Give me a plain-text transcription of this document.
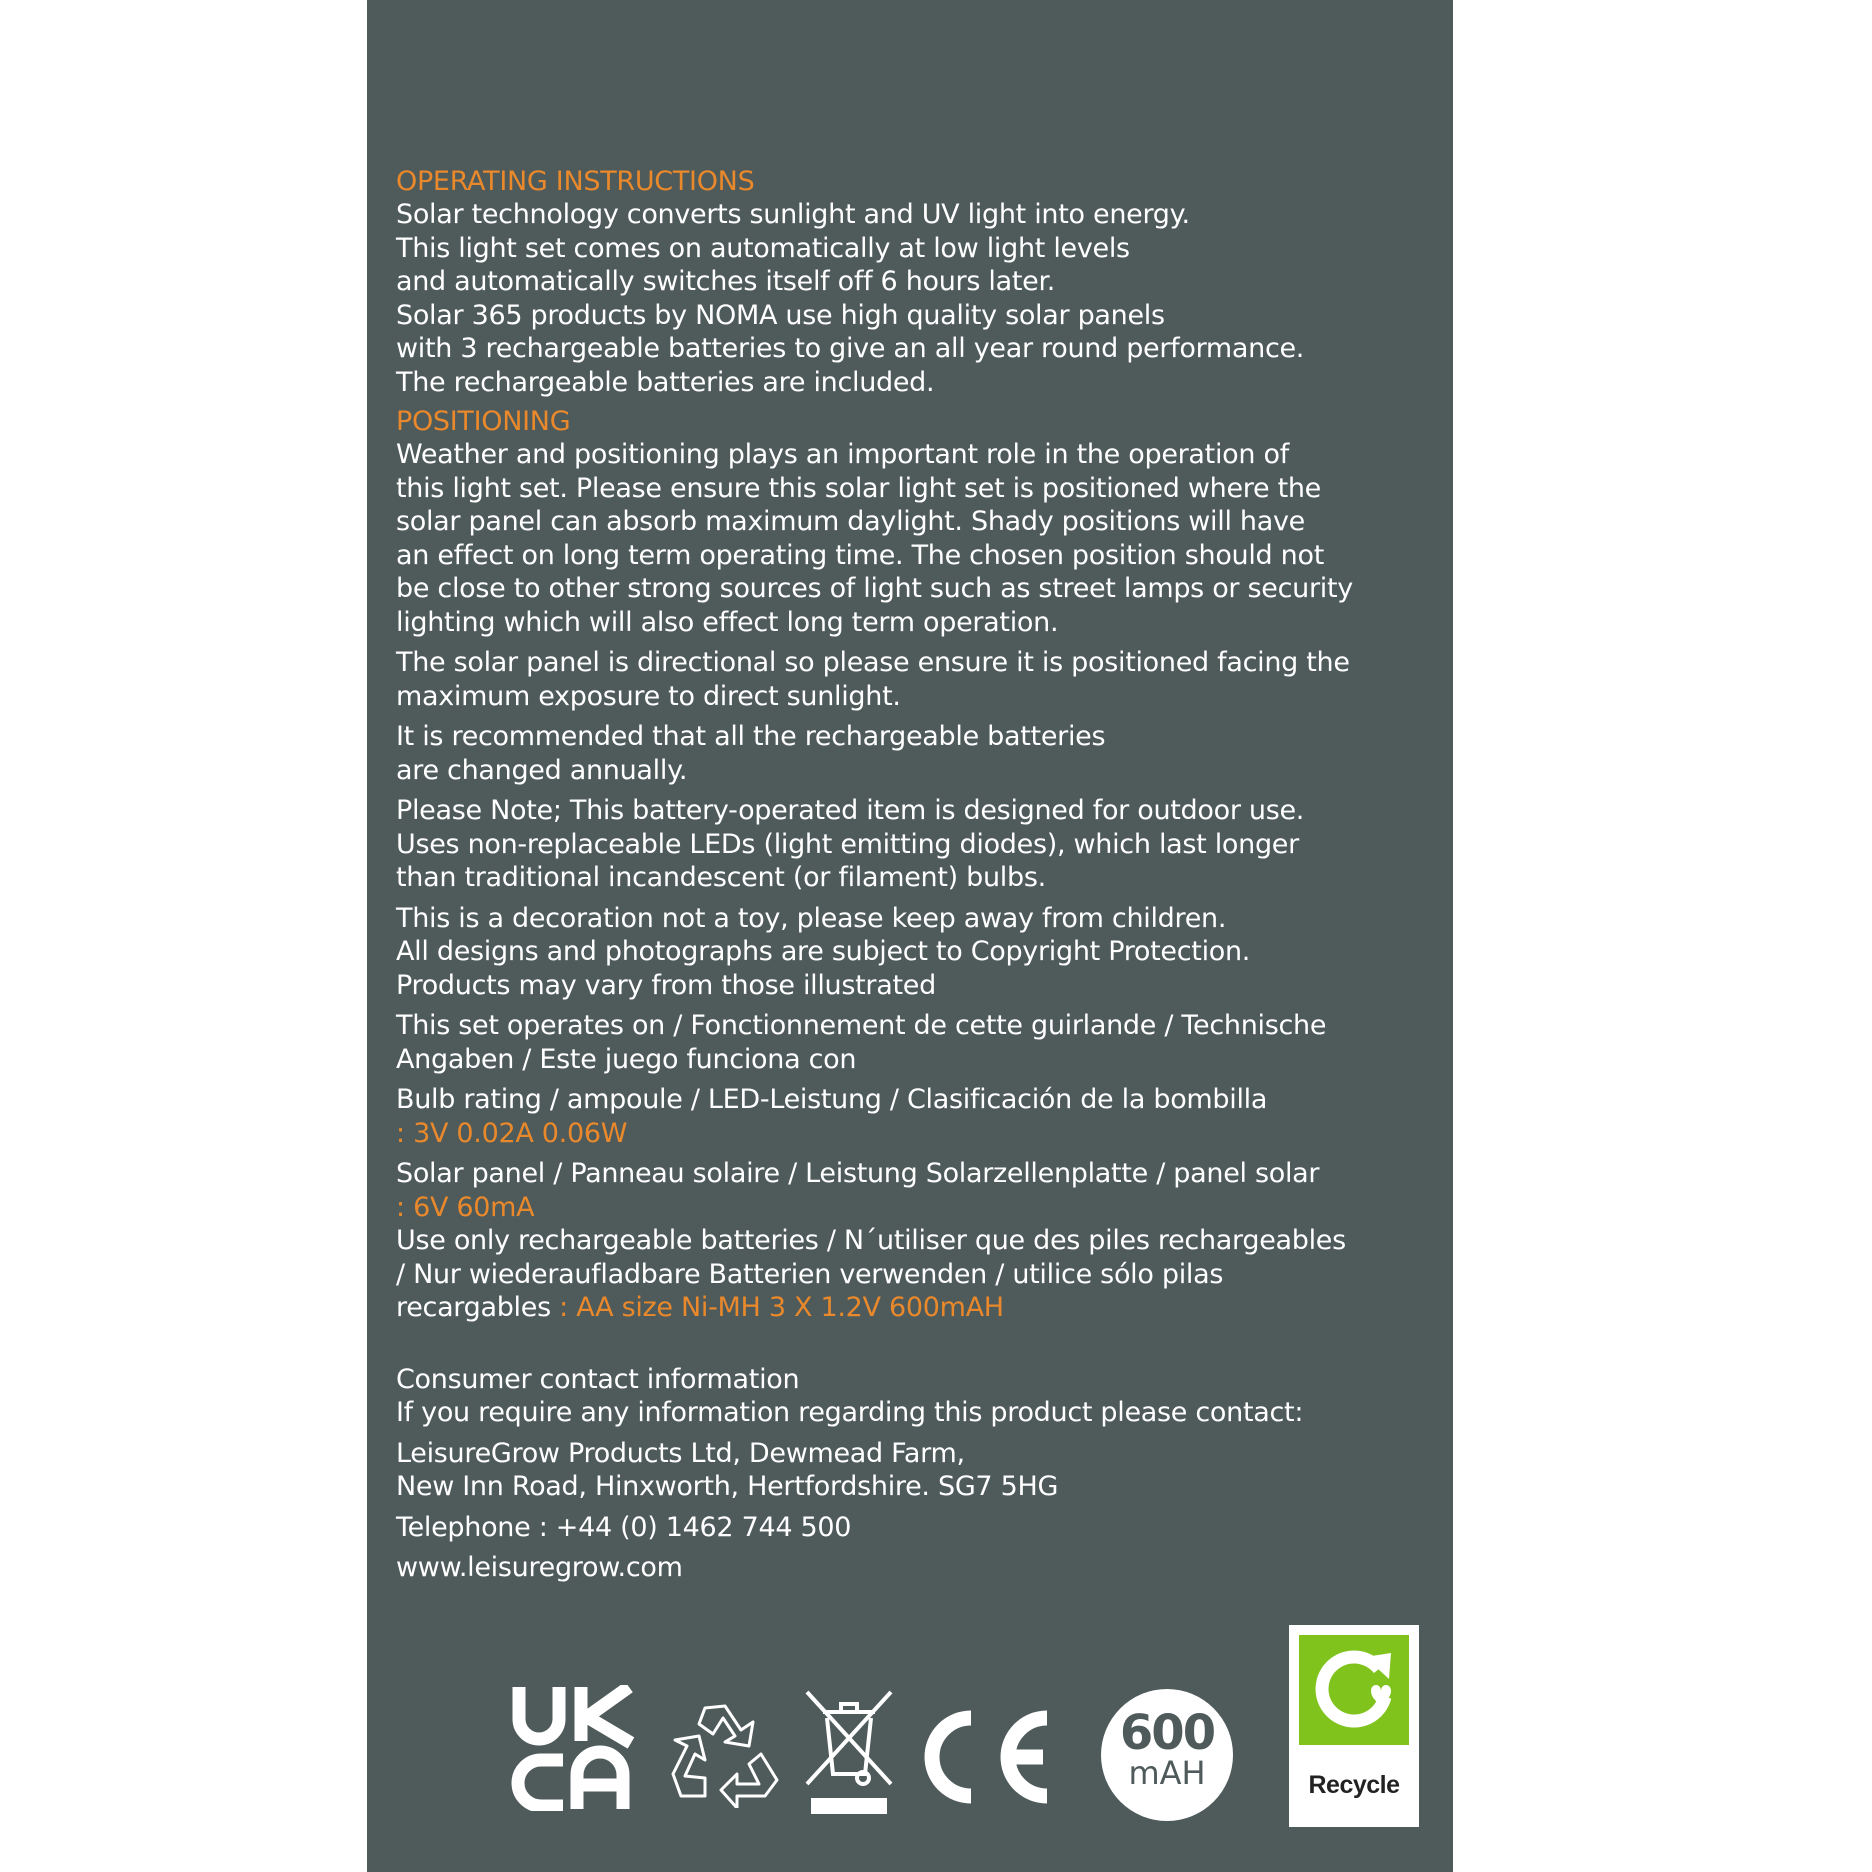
OPERATING INSTRUCTIONS
Solar technology converts sunlight and UV light into energy.
This light set comes on automatically at low light levels
and automatically switches itself off 6 hours later.
Solar 365 products by NOMA use high quality solar panels
with 3 rechargeable batteries to give an all year round performance.
The rechargeable batteries are included.
POSITIONING
Weather and positioning plays an important role in the operation of
this light set. Please ensure this solar light set is positioned where the
solar panel can absorb maximum daylight. Shady positions will have
an effect on long term operating time. The chosen position should not
be close to other strong sources of light such as street lamps or security
lighting which will also effect long term operation.
The solar panel is directional so please ensure it is positioned facing the
maximum exposure to direct sunlight.
It is recommended that all the rechargeable batteries
are changed annually.
Please Note; This battery-operated item is designed for outdoor use.
Uses non-replaceable LEDs (light emitting diodes), which last longer
than traditional incandescent (or filament) bulbs.
This is a decoration not a toy, please keep away from children.
All designs and photographs are subject to Copyright Protection.
Products may vary from those illustrated
This set operates on / Fonctionnement de cette guirlande / Technische
Angaben / Este juego funciona con
Bulb rating / ampoule / LED-Leistung / Clasificación de la bombilla
: 3V 0.02A 0.06W
Solar panel / Panneau solaire / Leistung Solarzellenplatte / panel solar
: 6V 60mA
Use only rechargeable batteries / N´utiliser que des piles rechargeables
/ Nur wiederaufladbare Batterien verwenden / utilice sólo pilas
recargables : AA size Ni-MH 3 X 1.2V 600mAH
Consumer contact information
If you require any information regarding this product please contact:
LeisureGrow Products Ltd, Dewmead Farm,
New Inn Road, Hinxworth, Hertfordshire. SG7 5HG
Telephone : +44 (0) 1462 744 500
www.leisuregrow.com
UKCA
CE	600
mAH	Recycle
